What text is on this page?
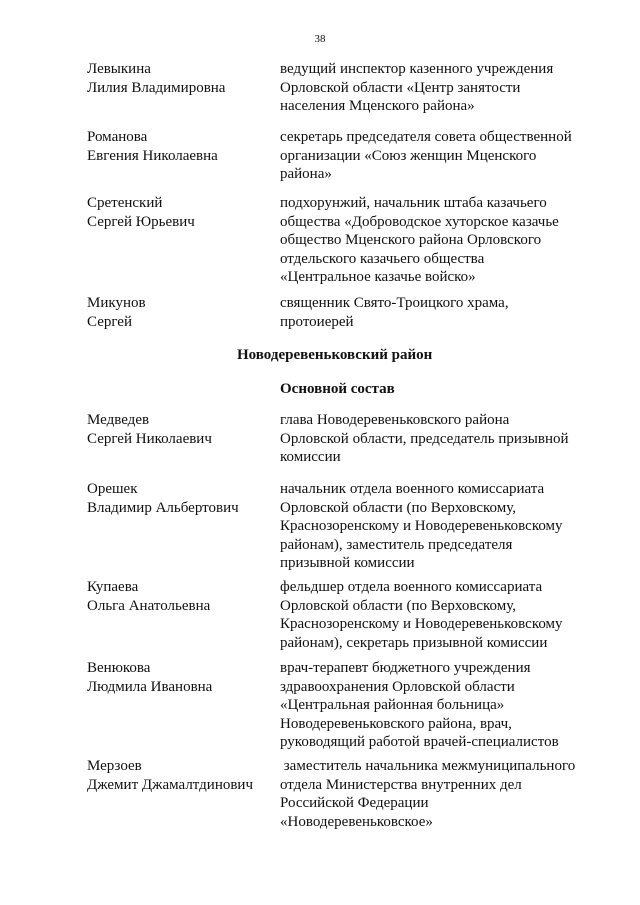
38
Левыкина
Лилия Владимировна
ведущий инспектор казенного учреждения
Орловской области «Центр занятости
населения Мценского района»
Романова
Евгения Николаевна
секретарь председателя совета общественной
организации «Союз женщин Мценского
района»
Сретенский
Сергей Юрьевич
подхорунжий, начальник штаба казачьего
общества «Доброводское хуторское казачье
общество Мценского района Орловского
отдельского казачьего общества
«Центральное казачье войско»
Микунов
Сергей
священник Свято-Троицкого храма,
протоиерей
Новодеревеньковский район
Основной состав
Медведев
Сергей Николаевич
глава Новодеревеньковского района
Орловской области, председатель призывной
комиссии
Орешек
Владимир Альбертович
начальник отдела военного комиссариата
Орловской области (по Верховскому,
Краснозоренскому и Новодеревеньковскому
районам), заместитель председателя
призывной комиссии
Купаева
Ольга Анатольевна
фельдшер отдела военного комиссариата
Орловской области (по Верховскому,
Краснозоренскому и Новодеревеньковскому
районам), секретарь призывной комиссии
Венюкова
Людмила Ивановна
врач-терапевт бюджетного учреждения
здравоохранения Орловской области
«Центральная районная больница»
Новодеревеньковского района, врач,
руководящий работой врачей-специалистов
Мерзоев
Джемит Джамалтдинович
заместитель начальника межмуниципального
отдела Министерства внутренних дел
Российской Федерации
«Новодеревеньковское»
